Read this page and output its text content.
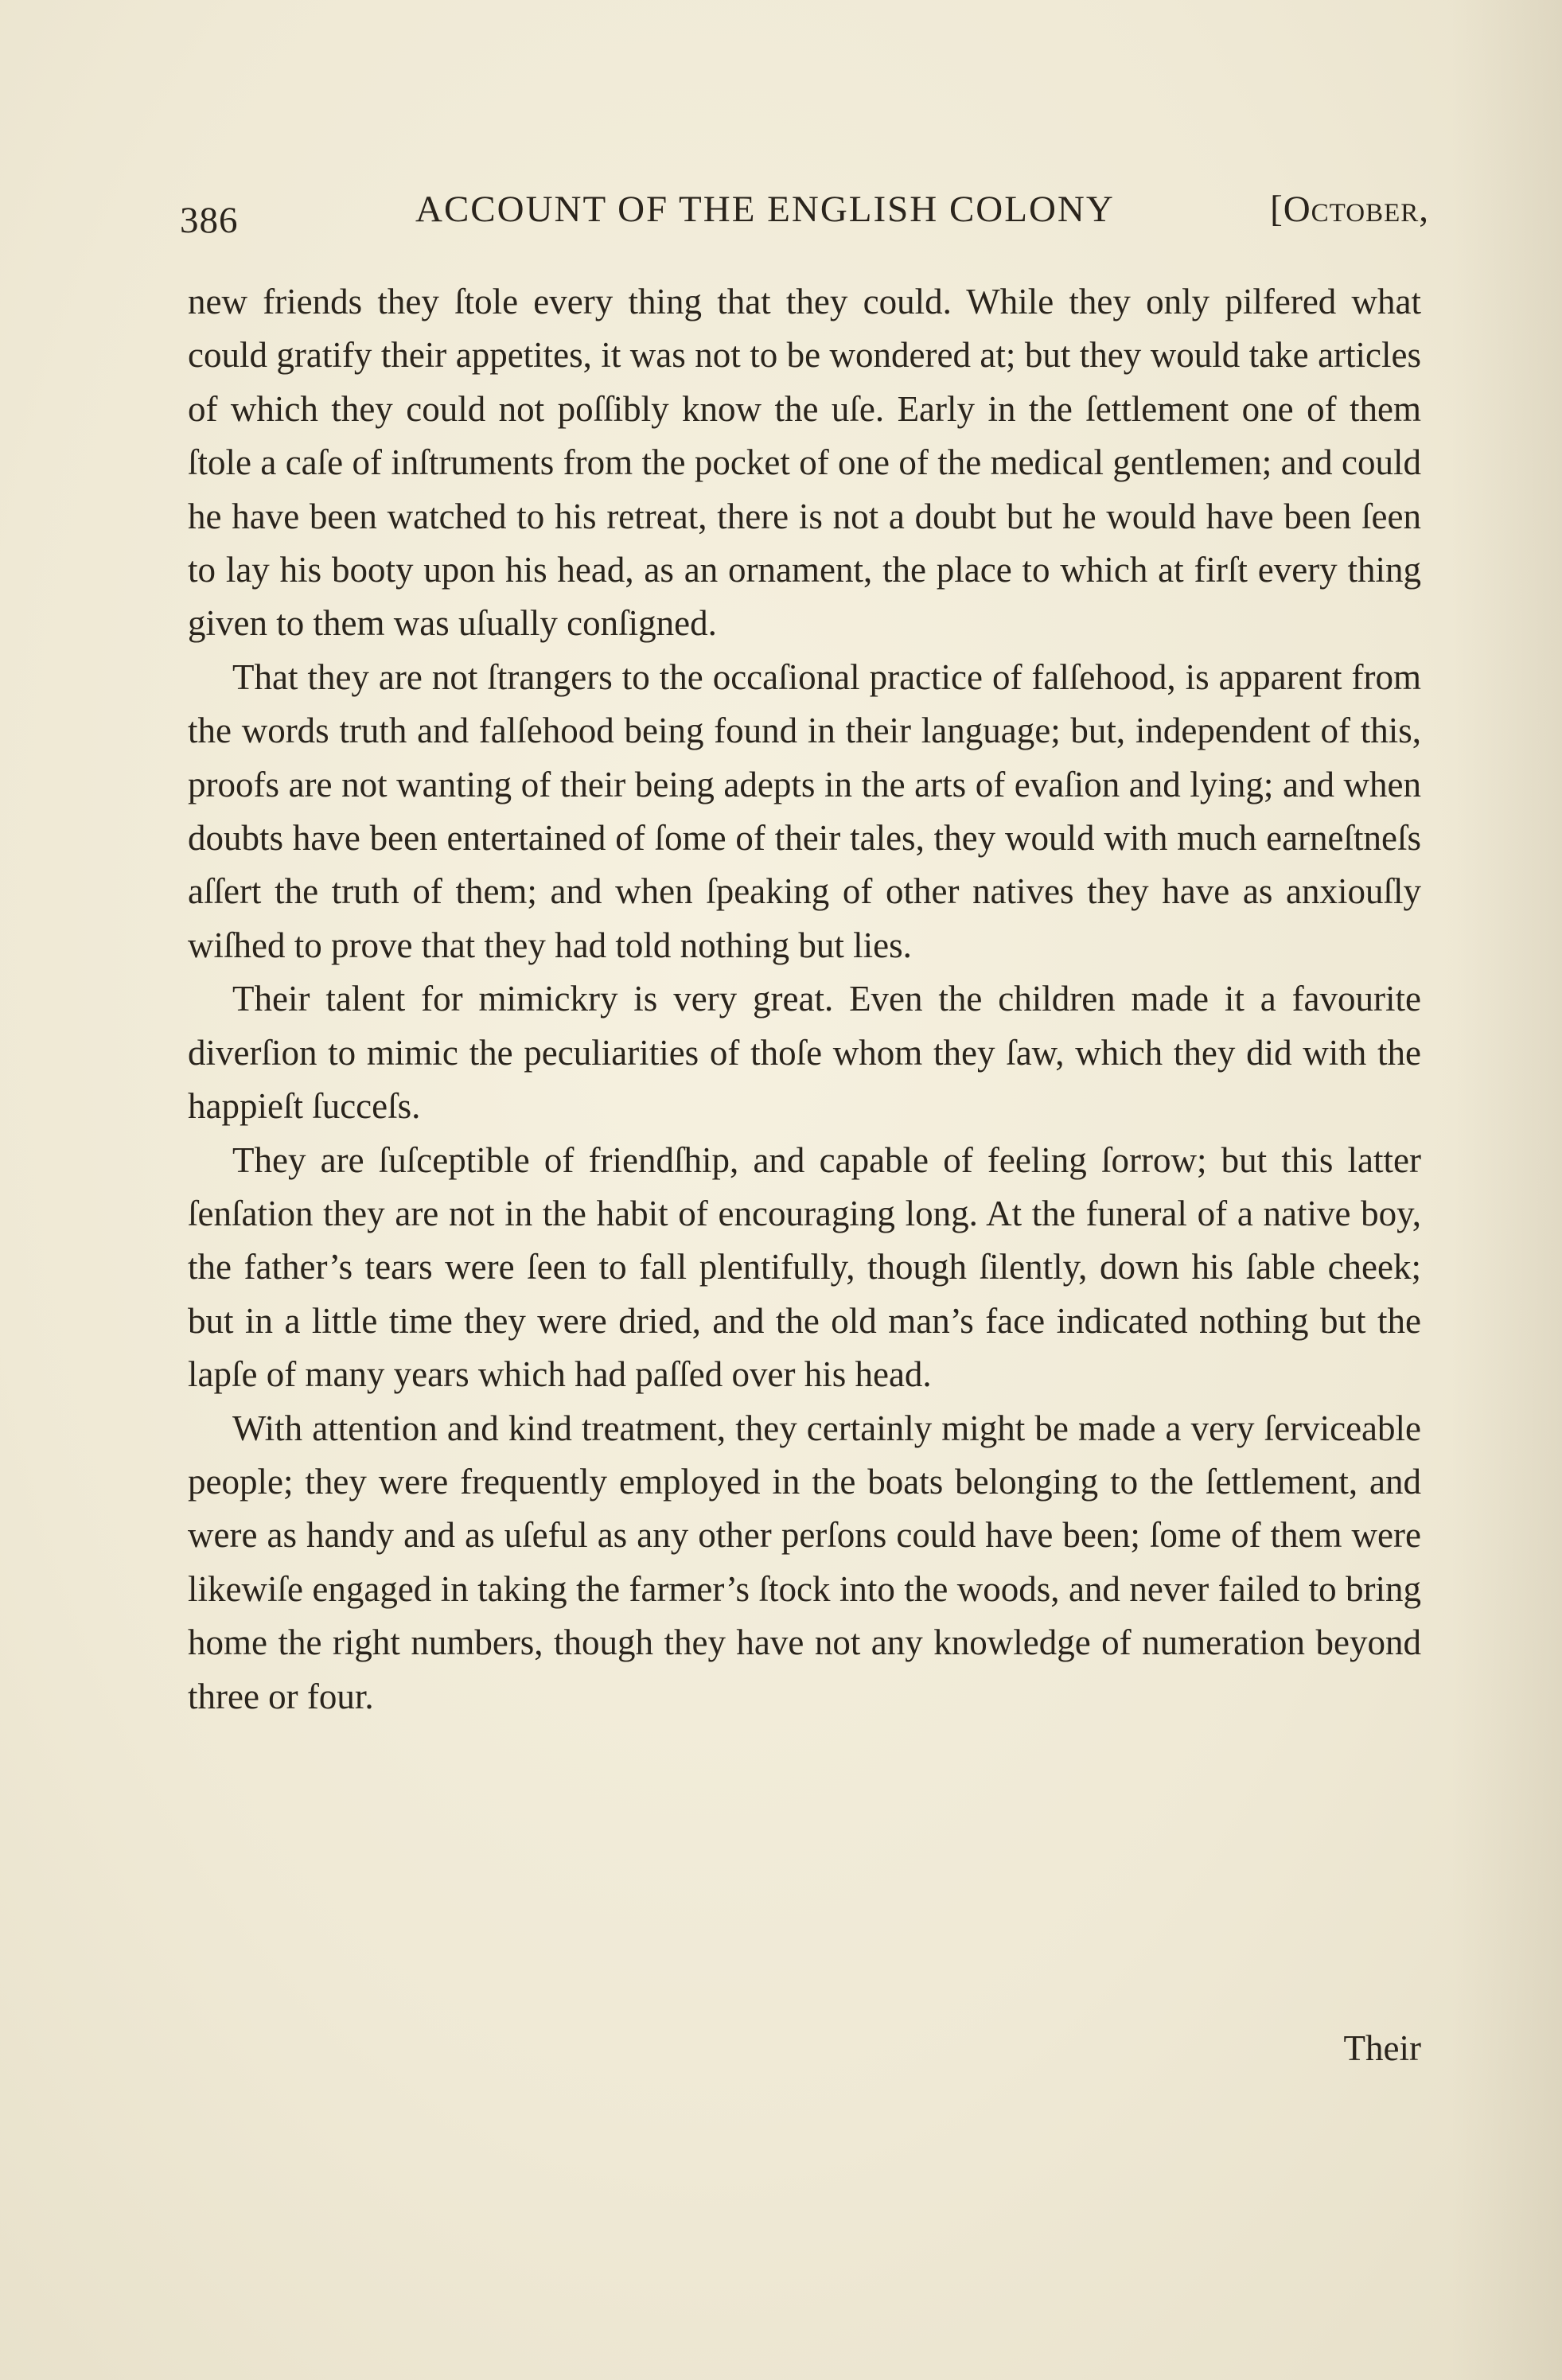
386	ACCOUNT OF THE ENGLISH COLONY	[October,

new friends they ſtole every thing that they could. While they only pilfered what could gratify their appetites, it was not to be wondered at; but they would take articles of which they could not poſſibly know the uſe. Early in the ſettlement one of them ſtole a caſe of inſtruments from the pocket of one of the medical gentlemen; and could he have been watched to his retreat, there is not a doubt but he would have been ſeen to lay his booty upon his head, as an ornament, the place to which at firſt every thing given to them was uſually conſigned.

That they are not ſtrangers to the occaſional practice of falſehood, is apparent from the words truth and falſehood being found in their language; but, independent of this, proofs are not wanting of their being adepts in the arts of evaſion and lying; and when doubts have been entertained of ſome of their tales, they would with much earneſtneſs aſſert the truth of them; and when ſpeaking of other natives they have as anxiouſly wiſhed to prove that they had told nothing but lies.

Their talent for mimickry is very great. Even the children made it a favourite diverſion to mimic the peculiarities of thoſe whom they ſaw, which they did with the happieſt ſucceſs.

They are ſuſceptible of friendſhip, and capable of feeling ſorrow; but this latter ſenſation they are not in the habit of encouraging long. At the funeral of a native boy, the father’s tears were ſeen to fall plentifully, though ſilently, down his ſable cheek; but in a little time they were dried, and the old man’s face indicated nothing but the lapſe of many years which had paſſed over his head.

With attention and kind treatment, they certainly might be made a very ſerviceable people; they were frequently employed in the boats belonging to the ſettlement, and were as handy and as uſeful as any other perſons could have been; ſome of them were likewiſe engaged in taking the farmer’s ſtock into the woods, and never failed to bring home the right numbers, though they have not any knowledge of numeration beyond three or four.

Their
